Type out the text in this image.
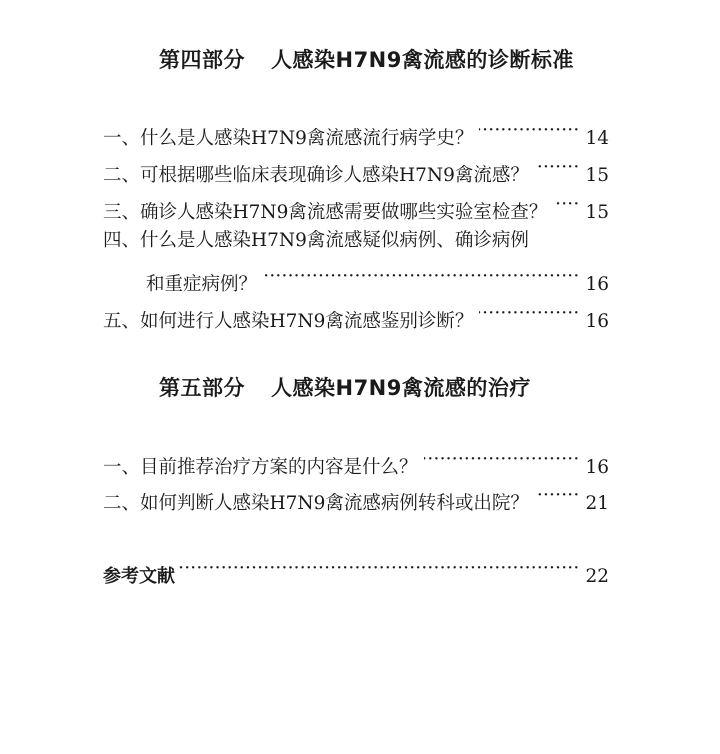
第四部分 人感染H7N9禽流感的诊断标准
一、 什么是人感染H7N9禽流感流行病学史？ ·····	14
二、 可根据哪些临床表现确诊人感染H7N9禽流感？ ·····	15
三、 确诊人感染H7N9禽流感需要做哪些实验室检查？ ····· 15
四、什么是人感染H7N9禽流感疑似病例、确诊病例
和重症病例？ ·····	16
五、 如何进行人感染H7N9禽流感鉴别诊断？ ·····	16
第五部分 人感染H7N9禽流感的治疗
一、 目前推荐治疗方案的内容是什么？ ·····	16
二、 如何判断人感染H7N9禽流感病例转科或出院？ ·····	21
参考文献 ·····	22
